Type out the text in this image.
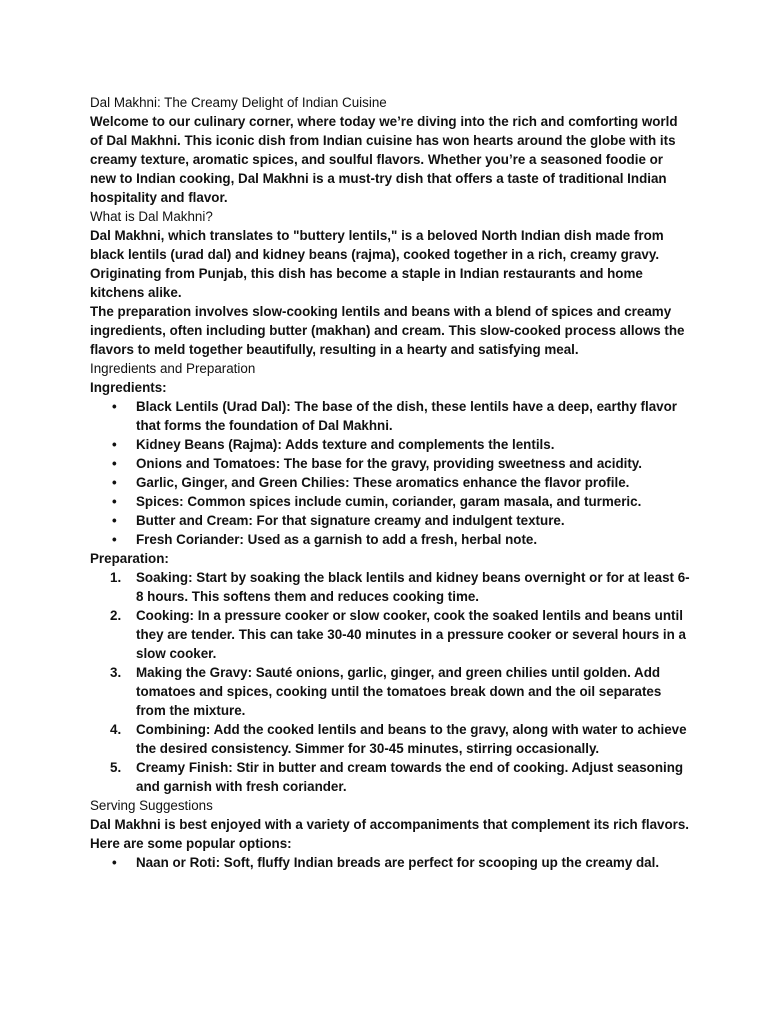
Dal Makhni: The Creamy Delight of Indian Cuisine

Welcome to our culinary corner, where today we’re diving into the rich and comforting world of Dal Makhni. This iconic dish from Indian cuisine has won hearts around the globe with its creamy texture, aromatic spices, and soulful flavors. Whether you’re a seasoned foodie or new to Indian cooking, Dal Makhni is a must-try dish that offers a taste of traditional Indian hospitality and flavor.

What is Dal Makhni?

Dal Makhni, which translates to "buttery lentils," is a beloved North Indian dish made from black lentils (urad dal) and kidney beans (rajma), cooked together in a rich, creamy gravy. Originating from Punjab, this dish has become a staple in Indian restaurants and home kitchens alike.

The preparation involves slow-cooking lentils and beans with a blend of spices and creamy ingredients, often including butter (makhan) and cream. This slow-cooked process allows the flavors to meld together beautifully, resulting in a hearty and satisfying meal.

Ingredients and Preparation

Ingredients:

• Black Lentils (Urad Dal): The base of the dish, these lentils have a deep, earthy flavor that forms the foundation of Dal Makhni.
• Kidney Beans (Rajma): Adds texture and complements the lentils.
• Onions and Tomatoes: The base for the gravy, providing sweetness and acidity.
• Garlic, Ginger, and Green Chilies: These aromatics enhance the flavor profile.
• Spices: Common spices include cumin, coriander, garam masala, and turmeric.
• Butter and Cream: For that signature creamy and indulgent texture.
• Fresh Coriander: Used as a garnish to add a fresh, herbal note.

Preparation:

1. Soaking: Start by soaking the black lentils and kidney beans overnight or for at least 6-8 hours. This softens them and reduces cooking time.
2. Cooking: In a pressure cooker or slow cooker, cook the soaked lentils and beans until they are tender. This can take 30-40 minutes in a pressure cooker or several hours in a slow cooker.
3. Making the Gravy: Sauté onions, garlic, ginger, and green chilies until golden. Add tomatoes and spices, cooking until the tomatoes break down and the oil separates from the mixture.
4. Combining: Add the cooked lentils and beans to the gravy, along with water to achieve the desired consistency. Simmer for 30-45 minutes, stirring occasionally.
5. Creamy Finish: Stir in butter and cream towards the end of cooking. Adjust seasoning and garnish with fresh coriander.

Serving Suggestions

Dal Makhni is best enjoyed with a variety of accompaniments that complement its rich flavors. Here are some popular options:

• Naan or Roti: Soft, fluffy Indian breads are perfect for scooping up the creamy dal.
